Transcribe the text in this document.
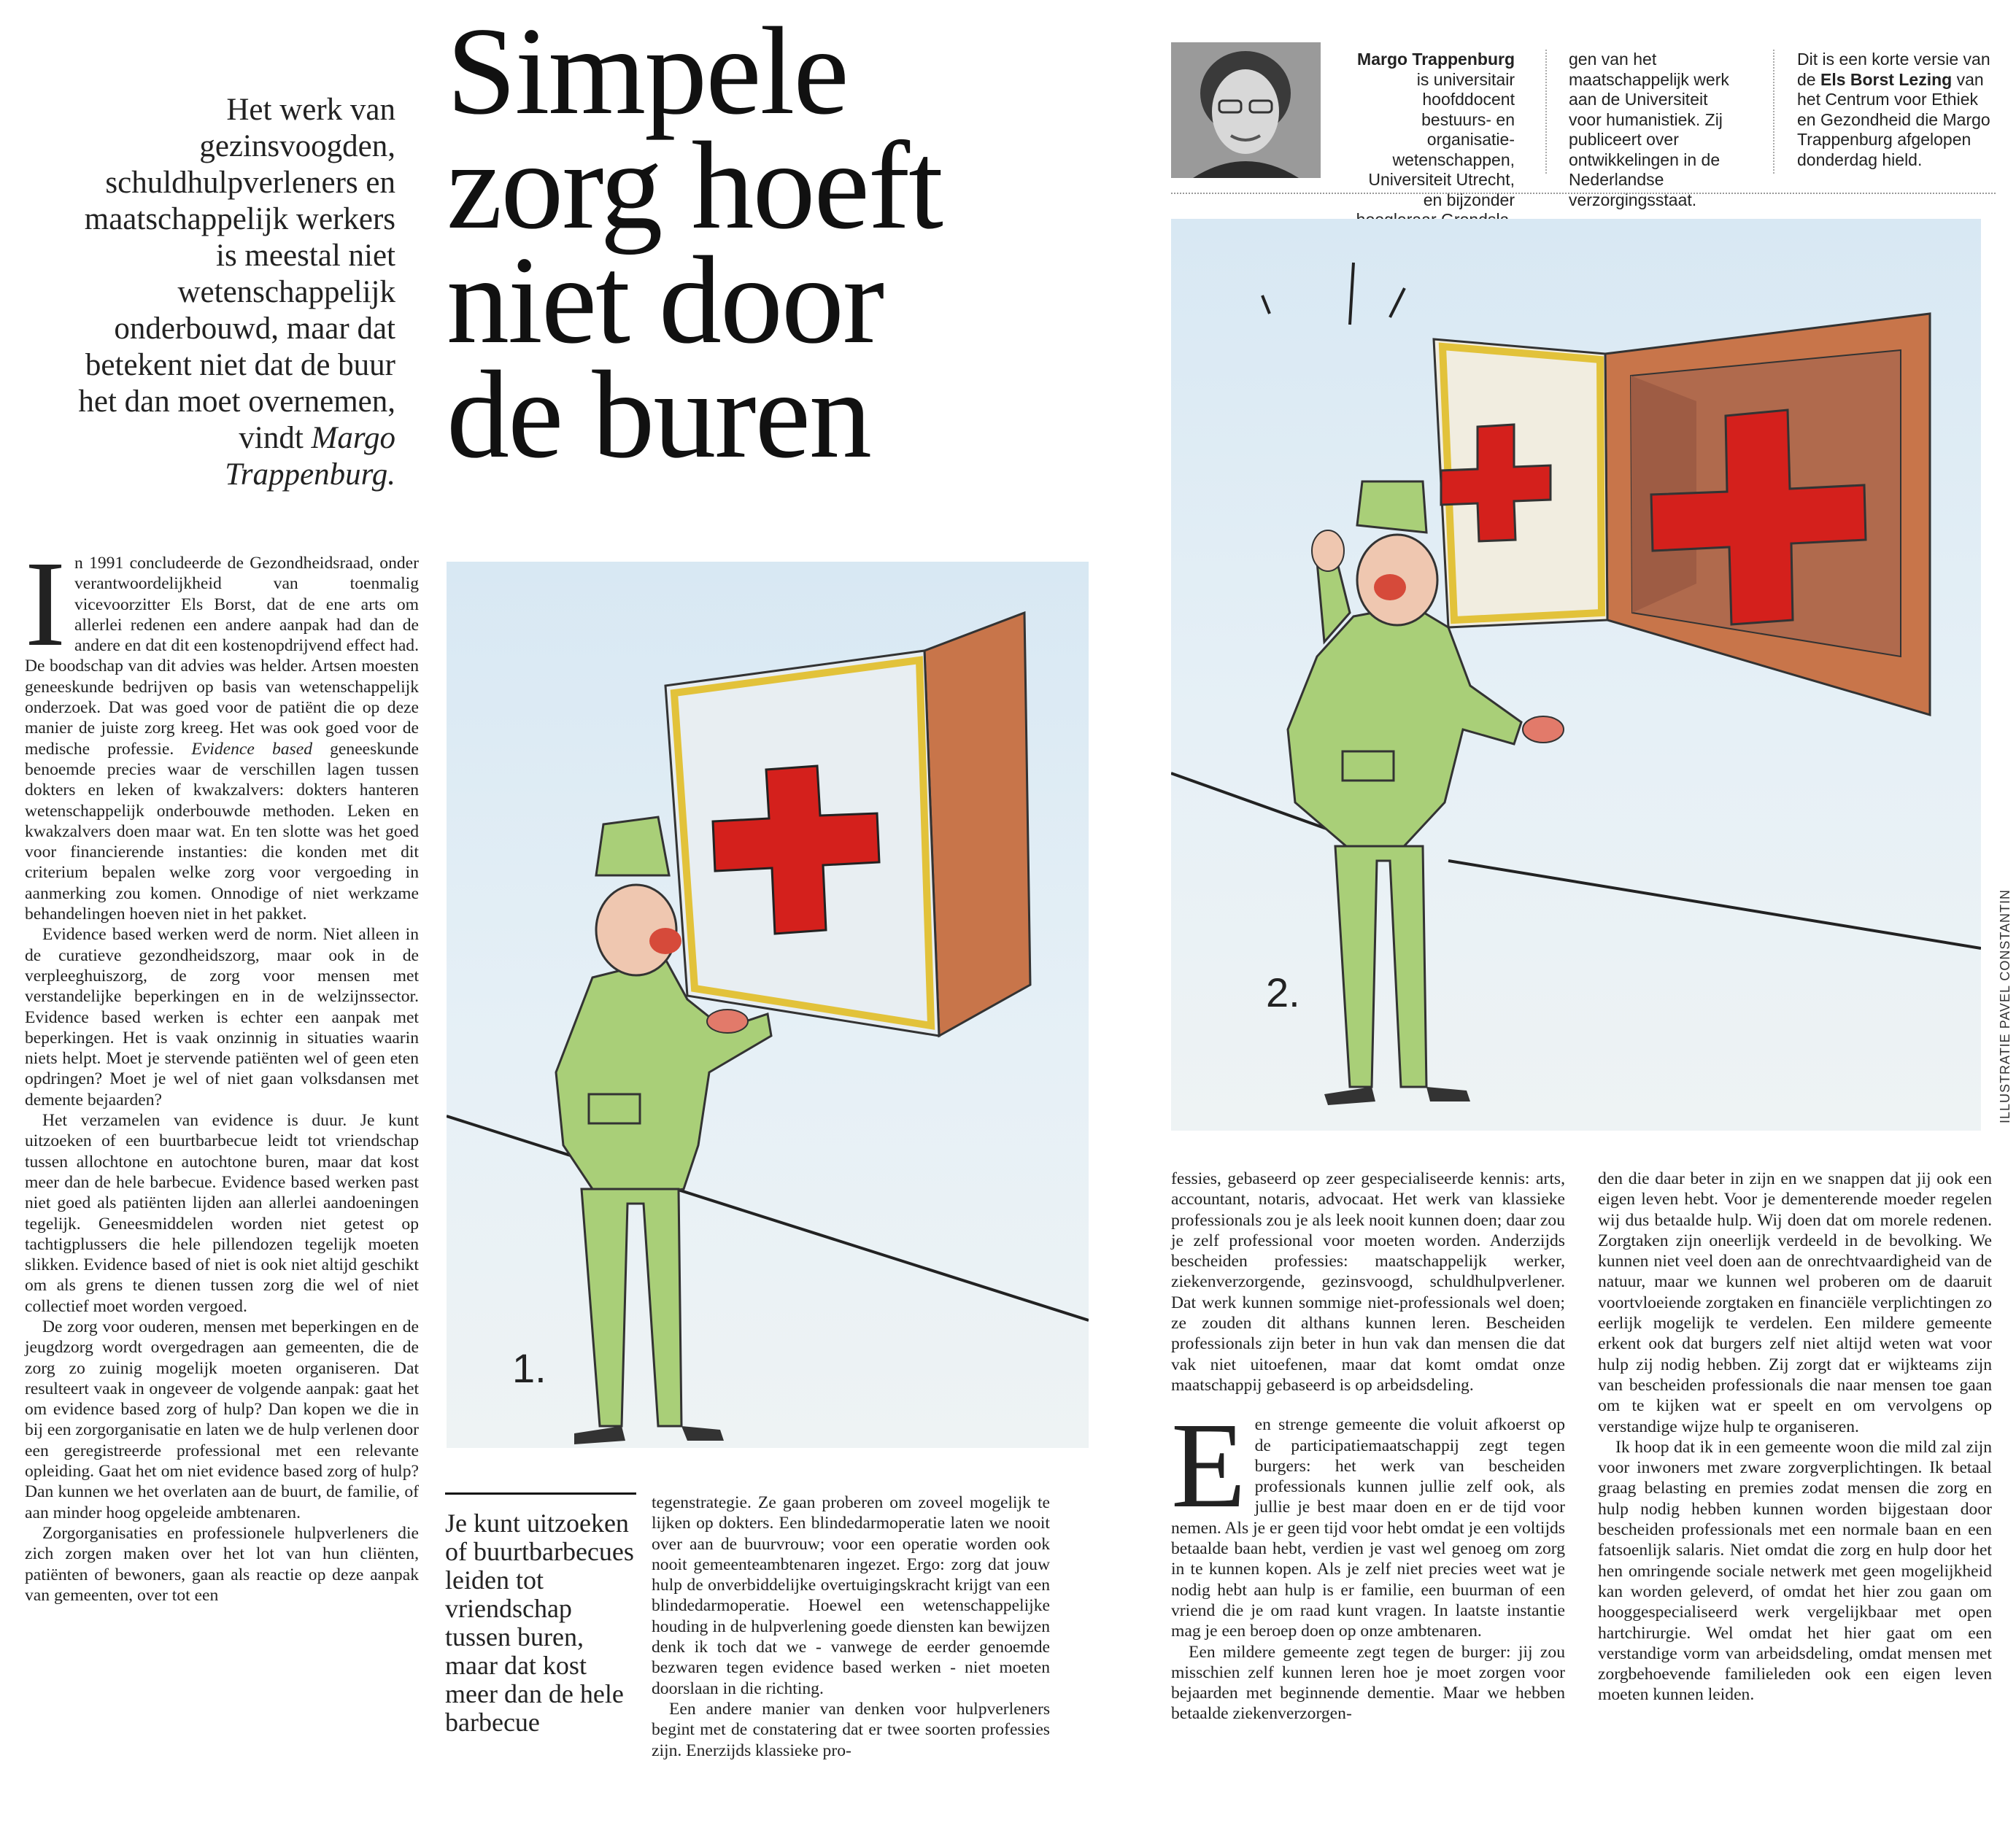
Simpele zorg hoeft niet door de buren
Het werk van gezinsvoogden, schuldhulpverleners en maatschappelijk werkers is meestal niet wetenschappelijk onderbouwd, maar dat betekent niet dat de buur het dan moet overnemen, vindt Margo Trappenburg.
Margo Trappenburg is universitair hoofddocent bestuurs- en organisatiewetenschappen, Universiteit Utrecht, en bijzonder
gen van het maatschappelijk werk aan de Universiteit voor humanistiek. Zij publiceert over ontwikkelingen in de Nederlandse verzorgingsstaat.
Dit is een korte versie van de Els Borst Lezing van het Centrum voor Ethiek en Gezondheid die Margo Trappenburg afgelopen donderdag hield.
1.
2.	ILLUSTRATIE PAVEL CONSTANTIN

In 1991 concludeerde de Gezondheidsraad, onder verantwoordelijkheid van toenmalig vicevoorzitter Els Borst, dat de ene arts om allerlei redenen een andere aanpak had dan de andere en dat dit een kostenopdrijvend effect had. De boodschap van dit advies was helder. Artsen moesten geneeskunde bedrijven op basis van wetenschappelijk onderzoek. Dat was goed voor de patiënt die op deze manier de juiste zorg kreeg. Het was ook goed voor de medische professie. Evidence based geneeskunde benoemde precies waar de verschillen lagen tussen dokters en leken of kwakzalvers: dokters hanteren wetenschappelijk onderbouwde methoden. Leken en kwakzalvers doen maar wat. En ten slotte was het goed voor financierende instanties: die konden met dit criterium bepalen welke zorg voor vergoeding in aanmerking zou komen. Onnodige of niet werkzame behandelingen hoeven niet in het pakket.

Evidence based werken werd de norm. Niet alleen in de curatieve gezondheidszorg, maar ook in de verpleeghuiszorg, de zorg voor mensen met verstandelijke beperkingen en in de welzijnssector. Evidence based werken is echter een aanpak met beperkingen. Het is vaak onzinnig in situaties waarin niets helpt. Moet je stervende patiënten wel of geen eten opdringen? Moet je wel of niet gaan volksdansen met demente bejaarden?

Het verzamelen van evidence is duur. Je kunt uitzoeken of een buurtbarbecue leidt tot vriendschap tussen allochtone en autochtone buren, maar dat kost meer dan de hele barbecue. Evidence based werken past niet goed als patiënten lijden aan allerlei aandoeningen tegelijk. Geneesmiddelen worden niet getest op tachtigplussers die hele pillendozen tegelijk moeten slikken. Evidence based of niet is ook niet altijd geschikt om als grens te dienen tussen zorg die wel of niet collectief moet worden vergoed.

De zorg voor ouderen, mensen met beperkingen en de jeugdzorg wordt overgedragen aan gemeenten, die de zorg zo zuinig mogelijk moeten organiseren. Dat resulteert vaak in ongeveer de volgende aanpak: gaat het om evidence based zorg of hulp? Dan kopen we die in bij een zorgorganisatie en laten we de hulp verlenen door een geregistreerde professional met een relevante opleiding. Gaat het om niet evidence based zorg of hulp? Dan kunnen we het overlaten aan de buurt, de familie, of aan minder hoog opgeleide ambtenaren.

Zorgorganisaties en professionele hulpverleners die zich zorgen maken over het lot van hun cliënten, patiënten of bewoners, gaan als reactie op deze aanpak van gemeenten, over tot een

Je kunt uitzoeken of buurtbarbecues leiden tot vriendschap tussen buren, maar dat kost meer dan de hele barbecue

tegenstrategie. Ze gaan proberen om zoveel mogelijk te lijken op dokters. Een blindedarmoperatie laten we nooit over aan de buurvrouw; voor een operatie worden ook nooit gemeenteambtenaren ingezet. Ergo: zorg dat jouw hulp de onverbiddelijke overtuigingskracht krijgt van een blindedarmoperatie. Hoewel een wetenschappelijke houding in de hulpverlening goede diensten kan bewijzen denk ik toch dat we - vanwege de eerder genoemde bezwaren tegen evidence based werken - niet moeten doorslaan in die richting.

Een andere manier van denken voor hulpverleners begint met de constatering dat er twee soorten professies zijn. Enerzijds klassieke pro-

fessies, gebaseerd op zeer gespecialiseerde kennis: arts, accountant, notaris, advocaat. Het werk van klassieke professionals zou je als leek nooit kunnen doen; daar zou je zelf professional voor moeten worden. Anderzijds bescheiden professies: maatschappelijk werker, ziekenverzorgende, gezinsvoogd, schuldhulpverlener. Dat werk kunnen sommige niet-professionals wel doen; ze zouden dit althans kunnen leren. Bescheiden professionals zijn beter in hun vak dan mensen die dat vak niet uitoefenen, maar dat komt omdat onze maatschappij gebaseerd is op arbeidsdeling.

Een strenge gemeente die voluit afkoerst op de participatiemaatschappij zegt tegen burgers: het werk van bescheiden professionals kunnen jullie zelf ook, als jullie je best maar doen en er de tijd voor nemen. Als je er geen tijd voor hebt omdat je een voltijds betaalde baan hebt, verdien je vast wel genoeg om zorg in te kunnen kopen. Als je zelf niet precies weet wat je nodig hebt aan hulp is er familie, een buurman of een vriend die je om raad kunt vragen. In laatste instantie mag je een beroep doen op onze ambtenaren.

Een mildere gemeente zegt tegen de burger: jij zou misschien zelf kunnen leren hoe je moet zorgen voor bejaarden met beginnende dementie. Maar we hebben betaalde ziekenverzorgen-

den die daar beter in zijn en we snappen dat jij ook een eigen leven hebt. Voor je dementerende moeder regelen wij dus betaalde hulp. Wij doen dat om morele redenen. Zorgtaken zijn oneerlijk verdeeld in de bevolking. We kunnen niet veel doen aan de onrechtvaardigheid van de natuur, maar we kunnen wel proberen om de daaruit voortvloeiende zorgtaken en financiële verplichtingen zo eerlijk mogelijk te verdelen. Een mildere gemeente erkent ook dat burgers zelf niet altijd weten wat voor hulp zij nodig hebben. Zij zorgt dat er wijkteams zijn van bescheiden professionals die naar mensen toe gaan om te kijken wat er speelt en om vervolgens op verstandige wijze hulp te organiseren.

Ik hoop dat ik in een gemeente woon die mild zal zijn voor inwoners met zware zorgverplichtingen. Ik betaal graag belasting en premies zodat mensen die zorg en hulp nodig hebben kunnen worden bijgestaan door bescheiden professionals met een normale baan en een fatsoenlijk salaris. Niet omdat die zorg en hulp door het hen omringende sociale netwerk met geen mogelijkheid kan worden geleverd, of omdat het hier zou gaan om hooggespecialiseerd werk vergelijkbaar met open hartchirurgie. Wel omdat het hier gaat om een verstandige vorm van arbeidsdeling, omdat mensen met zorgbehoevende familieleden ook een eigen leven moeten kunnen leiden.
